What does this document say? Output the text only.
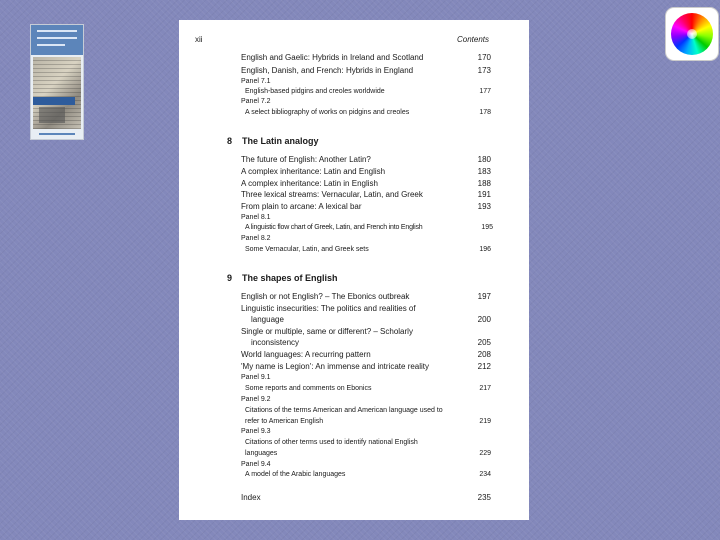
xii	Contents
English and Gaelic: Hybrids in Ireland and Scotland	170
English, Danish, and French: Hybrids in England	173
Panel 7.1
English-based pidgins and creoles worldwide	177
Panel 7.2
A select bibliography of works on pidgins and creoles	178
8 The Latin analogy
The future of English: Another Latin?	180
A complex inheritance: Latin and English	183
A complex inheritance: Latin in English	188
Three lexical streams: Vernacular, Latin, and Greek	191
From plain to arcane: A lexical bar	193
Panel 8.1
A linguistic flow chart of Greek, Latin, and French into English	195
Panel 8.2
Some Vernacular, Latin, and Greek sets	196
9 The shapes of English
English or not English? – The Ebonics outbreak	197
Linguistic insecurities: The politics and realities of
language	200
Single or multiple, same or different? – Scholarly
inconsistency	205
World languages: A recurring pattern	208
'My name is Legion': An immense and intricate reality	212
Panel 9.1
Some reports and comments on Ebonics	217
Panel 9.2
Citations of the terms American and American language used to
refer to American English	219
Panel 9.3
Citations of other terms used to identify national English
languages	229
Panel 9.4
A model of the Arabic languages	234
Index	235
·
